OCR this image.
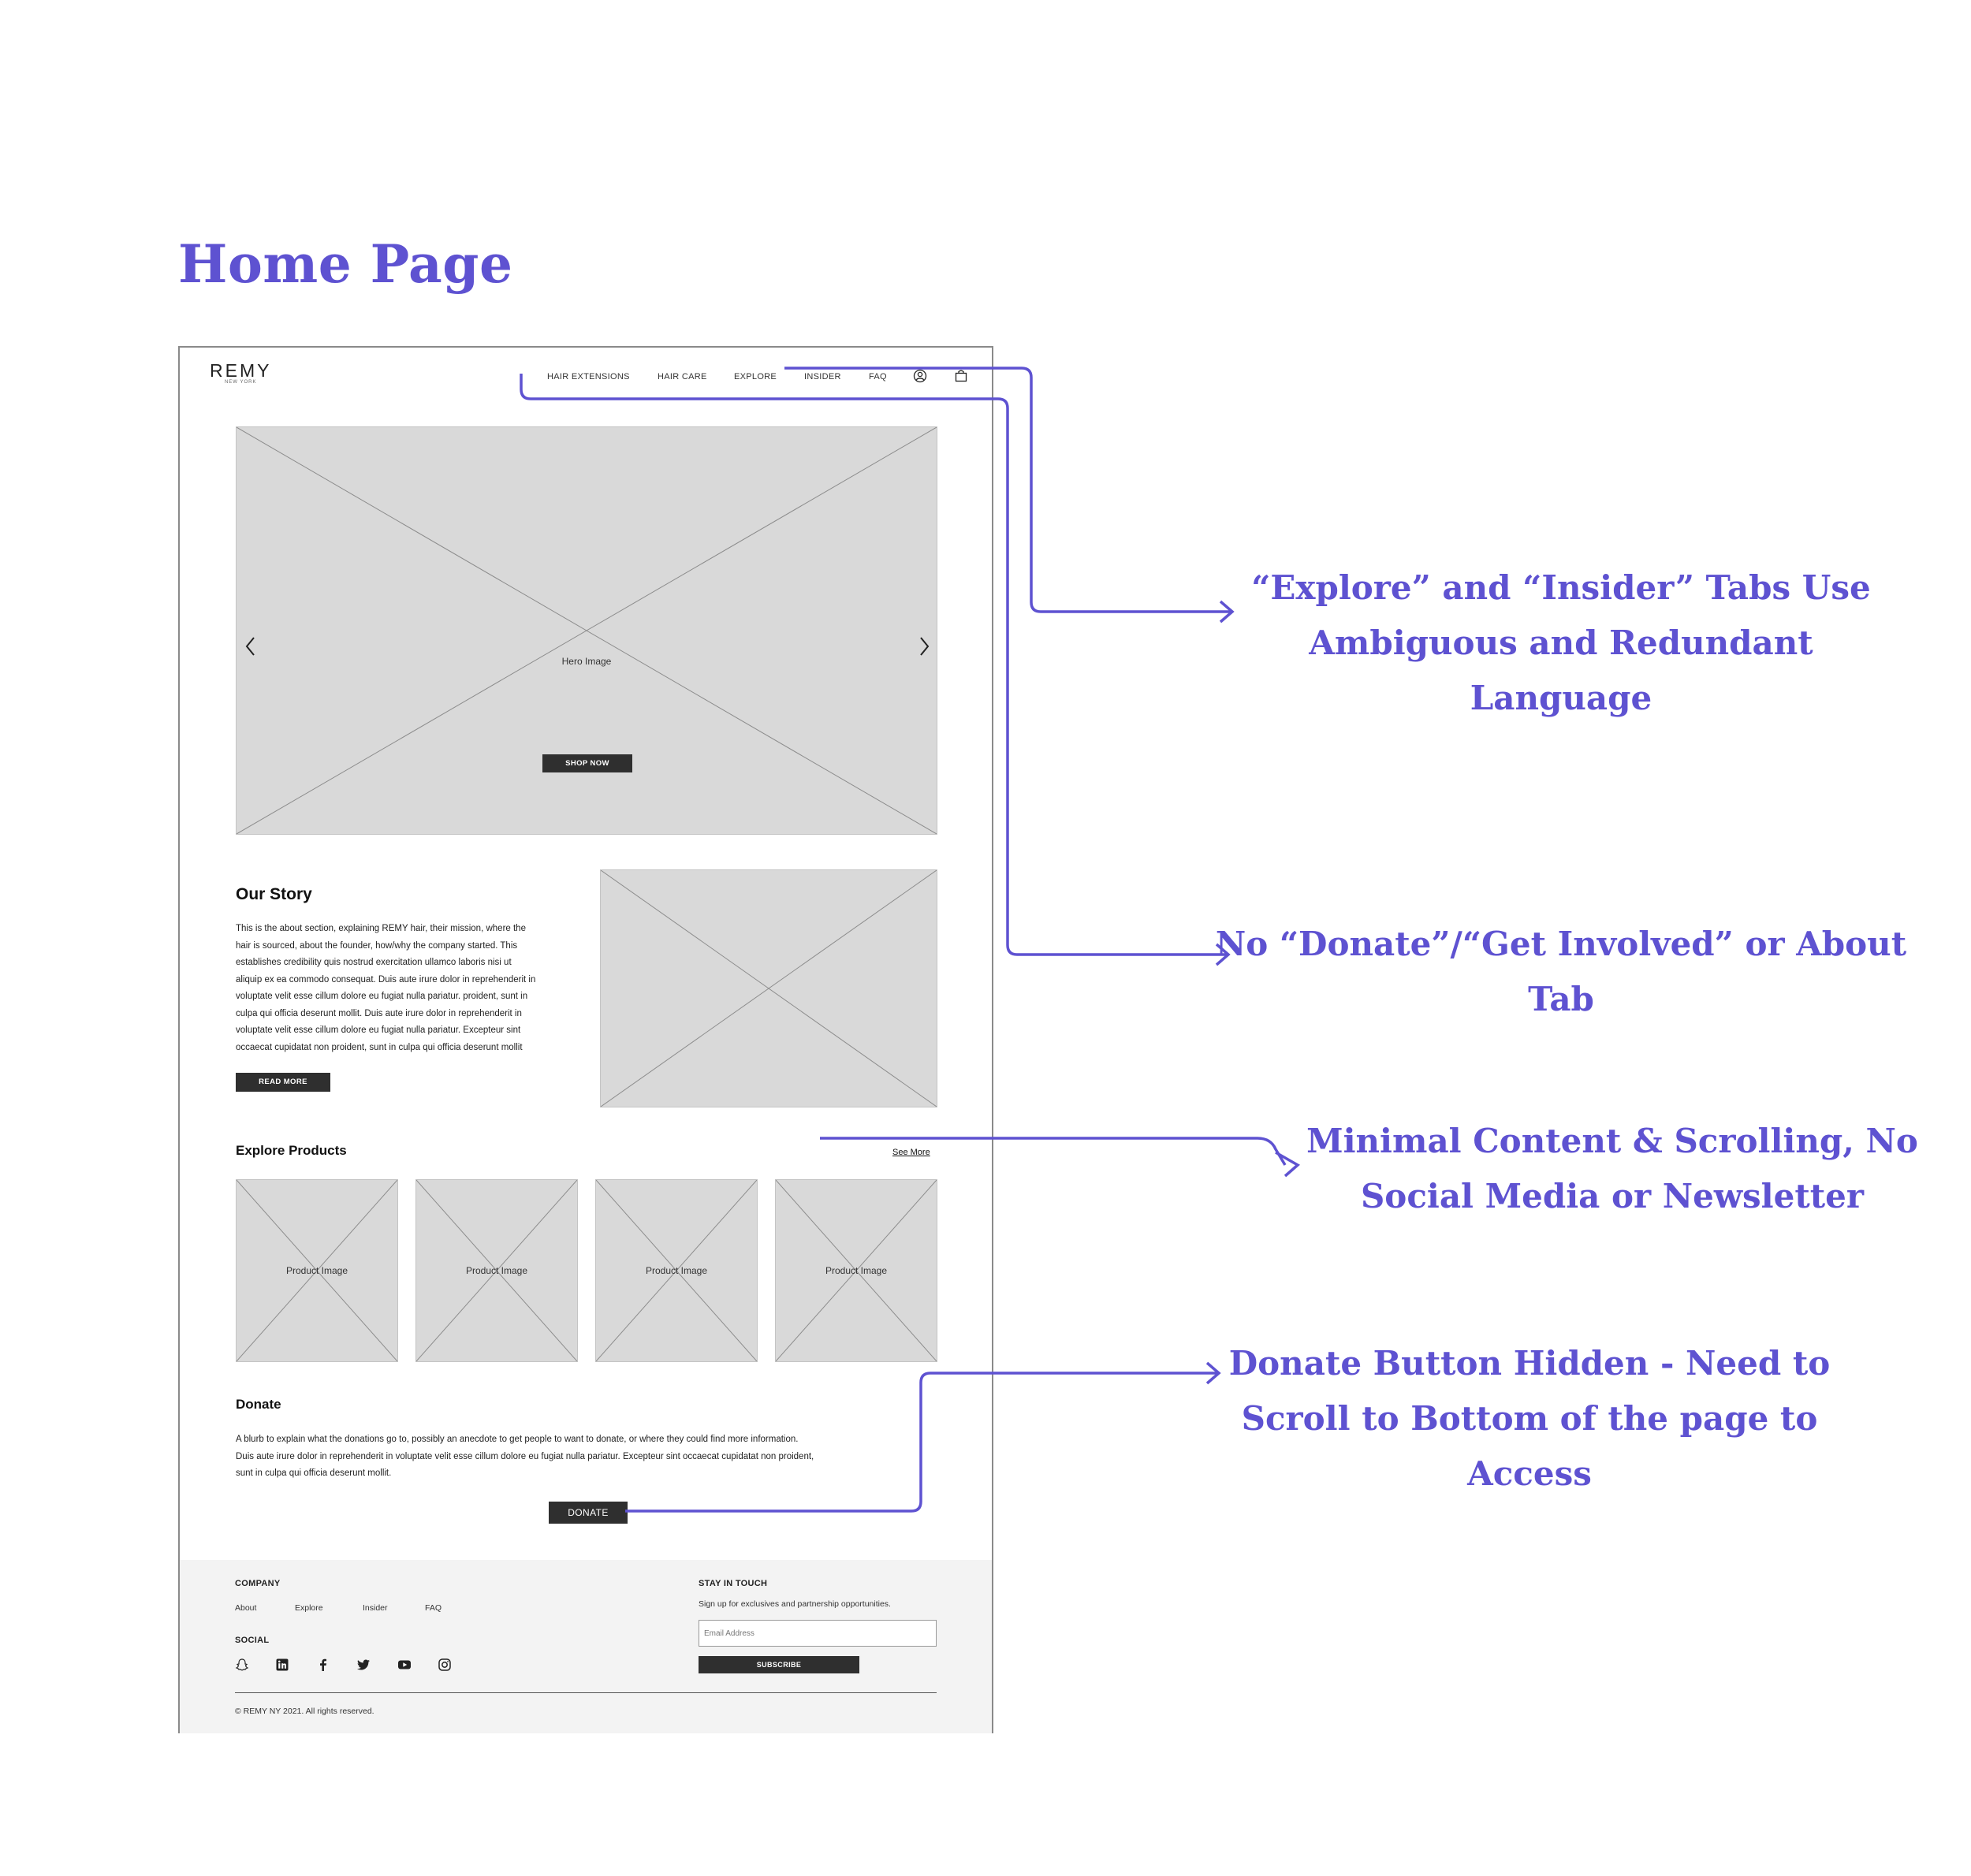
Home Page
REMY
NEW YORK
HAIR EXTENSIONS	HAIR CARE	EXPLORE	INSIDER	FAQ
Hero Image
SHOP NOW
Our Story
This is the about section, explaining REMY hair, their mission, where the
hair is sourced, about the founder, how/why the company started. This
establishes credibility quis nostrud exercitation ullamco laboris nisi ut
aliquip ex ea commodo consequat. Duis aute irure dolor in reprehenderit in
voluptate velit esse cillum dolore eu fugiat nulla pariatur. proident, sunt in
culpa qui officia deserunt mollit. Duis aute irure dolor in reprehenderit in
voluptate velit esse cillum dolore eu fugiat nulla pariatur. Excepteur sint
occaecat cupidatat non proident, sunt in culpa qui officia deserunt mollit
READ MORE
Explore Products	See More
Product Image	Product Image	Product Image	Product Image
Donate
A blurb to explain what the donations go to, possibly an anecdote to get people to want to donate, or where they could find more information.
Duis aute irure dolor in reprehenderit in voluptate velit esse cillum dolore eu fugiat nulla pariatur. Excepteur sint occaecat cupidatat non proident,
sunt in culpa qui officia deserunt mollit.
DONATE
COMPANY
About	Explore	Insider	FAQ
SOCIAL
STAY IN TOUCH
Sign up for exclusives and partnership opportunities.
Email Address
SUBSCRIBE
© REMY NY 2021. All rights reserved.
“Explore” and “Insider” Tabs Use
Ambiguous and Redundant Language
No “Donate”/“Get Involved” or About
Tab
Minimal Content & Scrolling, No
Social Media or Newsletter
Donate Button Hidden - Need to
Scroll to Bottom of the page to
Access
